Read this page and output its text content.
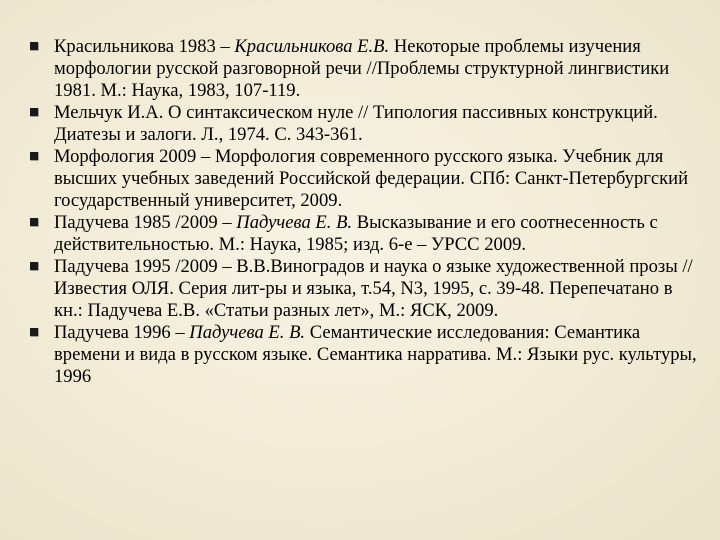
Красильникова 1983 – Красильникова Е.В. Некоторые проблемы изучения морфологии русской разговорной речи //Проблемы структурной лингвистики 1981. М.: Наука, 1983, 107-119.
Мельчук И.А. О синтаксическом нуле // Типология пассивных конструкций. Диатезы и залоги. Л., 1974. С. 343-361.
Морфология 2009 – Морфология современного русского языка. Учебник для высших учебных заведений Российской федерации. СПб: Санкт-Петербургский государственный университет, 2009.
Падучева 1985 /2009 – Падучева Е. В. Высказывание и его соотнесенность с действительностью. М.: Наука, 1985; изд. 6-е – УРСС 2009.
Падучева 1995 /2009 – В.В.Виноградов и наука о языке художественной прозы // Известия ОЛЯ. Серия лит-ры и языка, т.54, N3, 1995, с. 39-48. Перепечатано в кн.: Падучева Е.В. «Статьи разных лет», М.: ЯСК, 2009.
Падучева 1996 – Падучева Е. В. Семантические исследования: Семантика времени и вида в русском языке. Семантика нарратива. М.: Языки рус. культуры, 1996
